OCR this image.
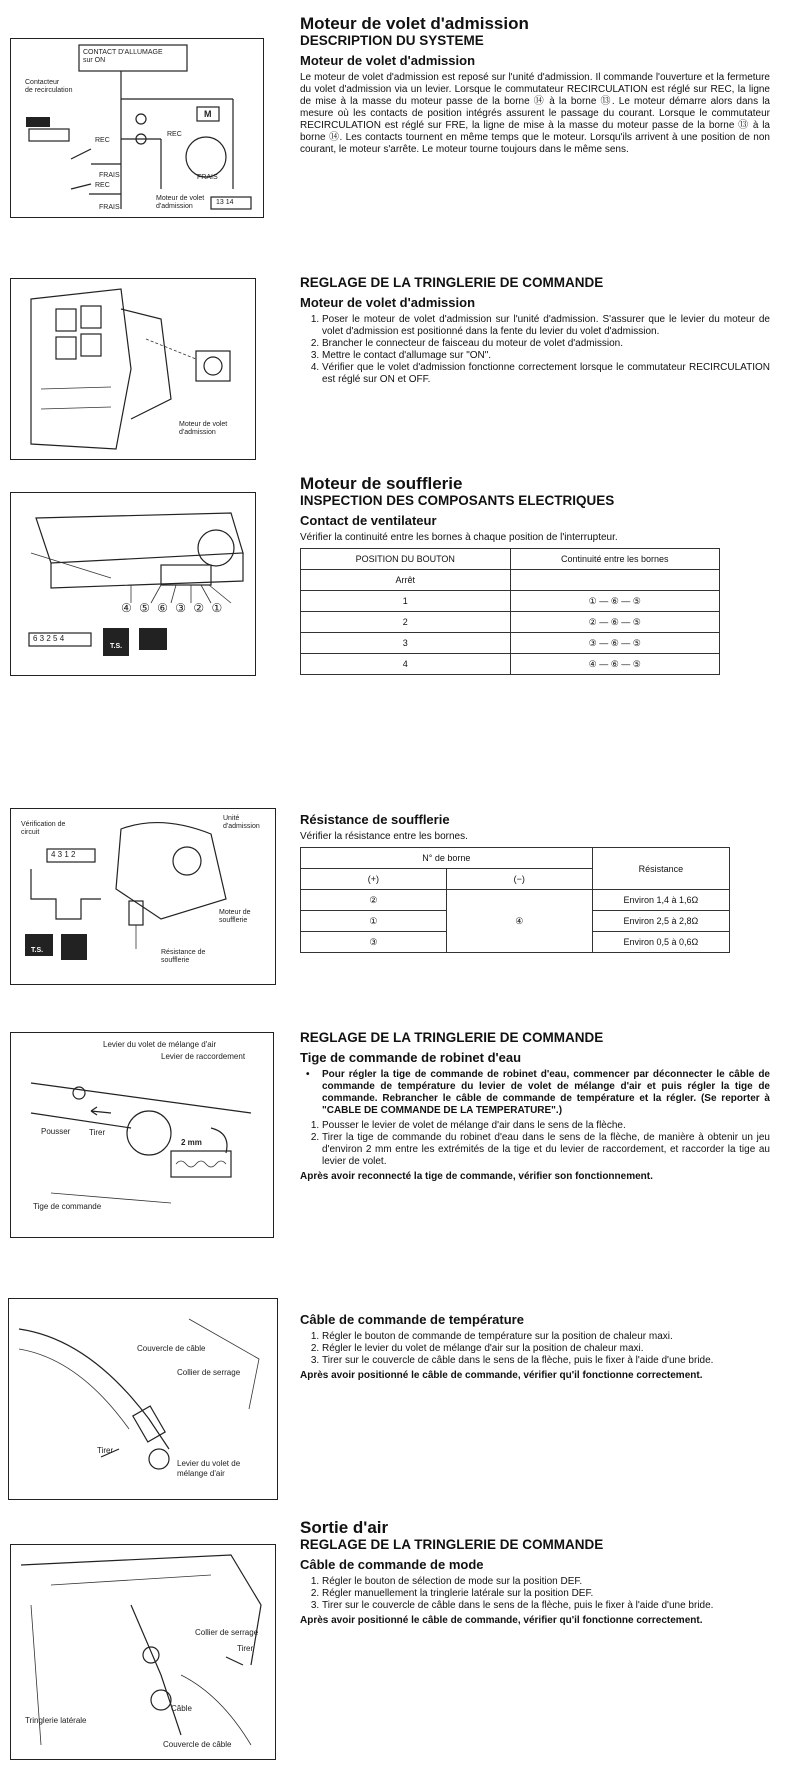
CONTACT D'ALLUMAGE
sur ON
Contacteur
de recirculation
REC
FRAIS
REC
FRAIS
REC
FRAIS
M
Moteur de volet
d'admission
13 14
Moteur de volet d'admission
DESCRIPTION DU SYSTEME
Moteur de volet d'admission
Le moteur de volet d'admission est reposé sur l'unité d'admission. Il commande l'ouverture et la fermeture du volet d'admission via un levier. Lorsque le commutateur RECIRCULATION est réglé sur REC, la ligne de mise à la masse du moteur passe de la borne ⑭ à la borne ⑬. Le moteur démarre alors dans la mesure où les contacts de position intégrés assurent le passage du courant. Lorsque le commutateur RECIRCULATION est réglé sur FRE, la ligne de mise à la masse du moteur passe de la borne ⑬ à la borne ⑭. Les contacts tournent en même temps que le moteur. Lorsqu'ils arrivent à une position de non courant, le moteur s'arrête. Le moteur tourne toujours dans le même sens.
Moteur de volet
d'admission
REGLAGE DE LA TRINGLERIE DE COMMANDE
Moteur de volet d'admission
1. Poser le moteur de volet d'admission sur l'unité d'admission. S'assurer que le levier du moteur de volet d'admission est positionné dans la fente du levier du volet d'admission.
2. Brancher le connecteur de faisceau du moteur de volet d'admission.
3. Mettre le contact d'allumage sur "ON".
4. Vérifier que le volet d'admission fonctionne correctement lorsque le commutateur RECIRCULATION est réglé sur ON et OFF.
④ ⑤ ⑥ ③ ② ①
6 3 2 5 4
T.S.
Moteur de soufflerie
INSPECTION DES COMPOSANTS ELECTRIQUES
Contact de ventilateur
Vérifier la continuité entre les bornes à chaque position de l'interrupteur.
POSITION DU BOUTON	Continuité entre les bornes
Arrêt	
1	① — ⑥ — ⑤
2	② — ⑥ — ⑤
3	③ — ⑥ — ⑤
4	④ — ⑥ — ⑤
Vérification de
circuit
4 3 1 2
Unité
d'admission
Moteur de
soufflerie
Résistance de
soufflerie
T.S.
Résistance de soufflerie
Vérifier la résistance entre les bornes.
N° de borne		Résistance
(+)	(−)	
②	④	Environ 1,4 à 1,6Ω
①		Environ 2,5 à 2,8Ω
③		Environ 0,5 à 0,6Ω
Levier du volet de mélange d'air
Levier de raccordement
Pousser Tirer
2 mm
Tige de commande
REGLAGE DE LA TRINGLERIE DE COMMANDE
Tige de commande de robinet d'eau
• Pour régler la tige de commande de robinet d'eau, commencer par déconnecter le câble de commande de température du levier de volet de mélange d'air et puis régler la tige de commande. Rebrancher le câble de commande de température et la régler. (Se reporter à "CABLE DE COMMANDE DE LA TEMPERATURE".)
1. Pousser le levier de volet de mélange d'air dans le sens de la flèche.
2. Tirer la tige de commande du robinet d'eau dans le sens de la flèche, de manière à obtenir un jeu d'environ 2 mm entre les extrémités de la tige et du levier de raccordement, et raccorder la tige au levier de volet.
Après avoir reconnecté la tige de commande, vérifier son fonctionnement.
Couvercle de câble
Collier de serrage
Tirer
Levier du volet de
mélange d'air
Câble de commande de température
1. Régler le bouton de commande de température sur la position de chaleur maxi.
2. Régler le levier du volet de mélange d'air sur la position de chaleur maxi.
3. Tirer sur le couvercle de câble dans le sens de la flèche, puis le fixer à l'aide d'une bride.
Après avoir positionné le câble de commande, vérifier qu'il fonctionne correctement.
Collier de serrage
Tirer
Câble
Tringlerie latérale
Couvercle de câble
Sortie d'air
REGLAGE DE LA TRINGLERIE DE COMMANDE
Câble de commande de mode
1. Régler le bouton de sélection de mode sur la position DEF.
2. Régler manuellement la tringlerie latérale sur la position DEF.
3. Tirer sur le couvercle de câble dans le sens de la flèche, puis le fixer à l'aide d'une bride.
Après avoir positionné le câble de commande, vérifier qu'il fonctionne correctement.
